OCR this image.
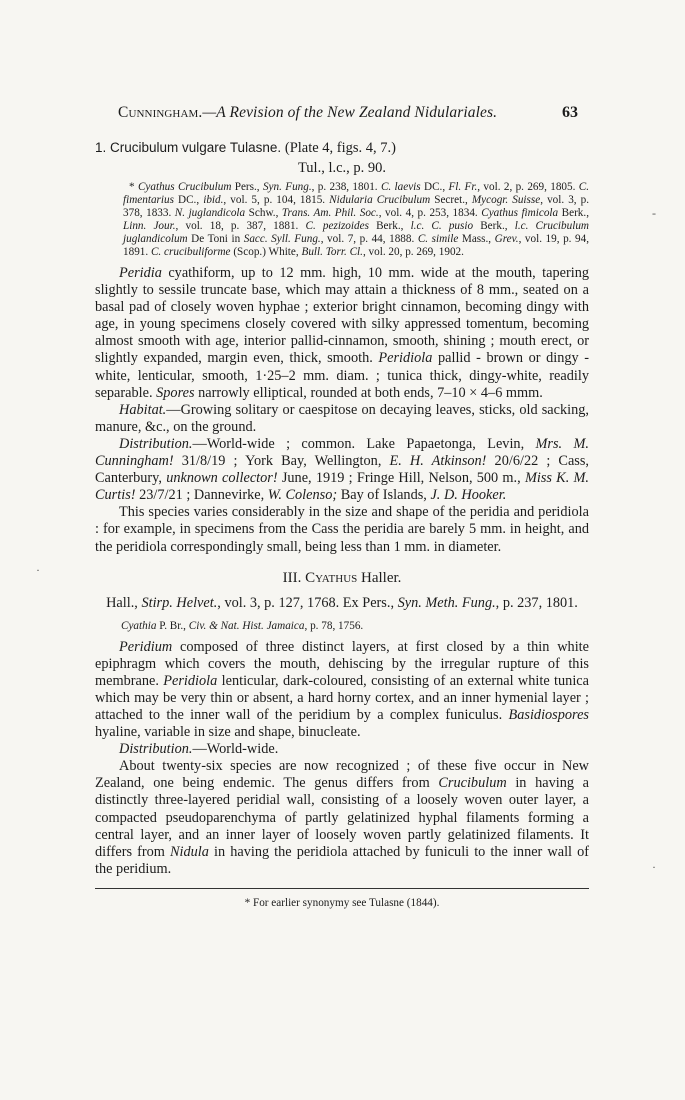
Cunningham.—A Revision of the New Zealand Nidulariales.	63
1. Crucibulum vulgare Tulasne. (Plate 4, figs. 4, 7.)
Tul., l.c., p. 90.
* Cyathus Crucibulum Pers., Syn. Fung., p. 238, 1801. C. laevis DC., Fl. Fr., vol. 2, p. 269, 1805. C. fimentarius DC., ibid., vol. 5, p. 104, 1815. Nidularia Crucibulum Secret., Mycogr. Suisse, vol. 3, p. 378, 1833. N. juglandicola Schw., Trans. Am. Phil. Soc., vol. 4, p. 253, 1834. Cyathus fimicola Berk., Linn. Jour., vol. 18, p. 387, 1881. C. pezizoides Berk., l.c. C. pusio Berk., l.c. Crucibulum juglandicolum De Toni in Sacc. Syll. Fung., vol. 7, p. 44, 1888. C. simile Mass., Grev., vol. 19, p. 94, 1891. C. crucibuliforme (Scop.) White, Bull. Torr. Cl., vol. 20, p. 269, 1902.

Peridia cyathiform, up to 12 mm. high, 10 mm. wide at the mouth, tapering slightly to sessile truncate base, which may attain a thickness of 8 mm., seated on a basal pad of closely woven hyphae ; exterior bright cinnamon, becoming dingy with age, in young specimens closely covered with silky appressed tomentum, becoming almost smooth with age, interior pallid-cinnamon, smooth, shining ; mouth erect, or slightly expanded, margin even, thick, smooth. Peridiola pallid - brown or dingy - white, lenticular, smooth, 1·25–2 mm. diam. ; tunica thick, dingy-white, readily separable. Spores narrowly elliptical, rounded at both ends, 7–10 × 4–6 mmm.

Habitat.—Growing solitary or caespitose on decaying leaves, sticks, old sacking, manure, &c., on the ground.

Distribution.—World-wide ; common. Lake Papaetonga, Levin, Mrs. M. Cunningham! 31/8/19 ; York Bay, Wellington, E. H. Atkinson! 20/6/22 ; Cass, Canterbury, unknown collector! June, 1919 ; Fringe Hill, Nelson, 500 m., Miss K. M. Curtis! 23/7/21 ; Dannevirke, W. Colenso; Bay of Islands, J. D. Hooker.

This species varies considerably in the size and shape of the peridia and peridiola : for example, in specimens from the Cass the peridia are barely 5 mm. in height, and the peridiola correspondingly small, being less than 1 mm. in diameter.

III. Cyathus Haller.
Hall., Stirp. Helvet., vol. 3, p. 127, 1768. Ex Pers., Syn. Meth. Fung., p. 237, 1801.
Cyathia P. Br., Civ. & Nat. Hist. Jamaica, p. 78, 1756.

Peridium composed of three distinct layers, at first closed by a thin white epiphragm which covers the mouth, dehiscing by the irregular rupture of this membrane. Peridiola lenticular, dark-coloured, consisting of an external white tunica which may be very thin or absent, a hard horny cortex, and an inner hymenial layer ; attached to the inner wall of the peridium by a complex funiculus. Basidiospores hyaline, variable in size and shape, binucleate.

Distribution.—World-wide.

About twenty-six species are now recognized ; of these five occur in New Zealand, one being endemic. The genus differs from Crucibulum in having a distinctly three-layered peridial wall, consisting of a loosely woven outer layer, a compacted pseudoparenchyma of partly gelatinized hyphal filaments forming a central layer, and an inner layer of loosely woven partly gelatinized filaments. It differs from Nidula in having the peridiola attached by funiculi to the inner wall of the peridium.

* For earlier synonymy see Tulasne (1844).
-
·
·
